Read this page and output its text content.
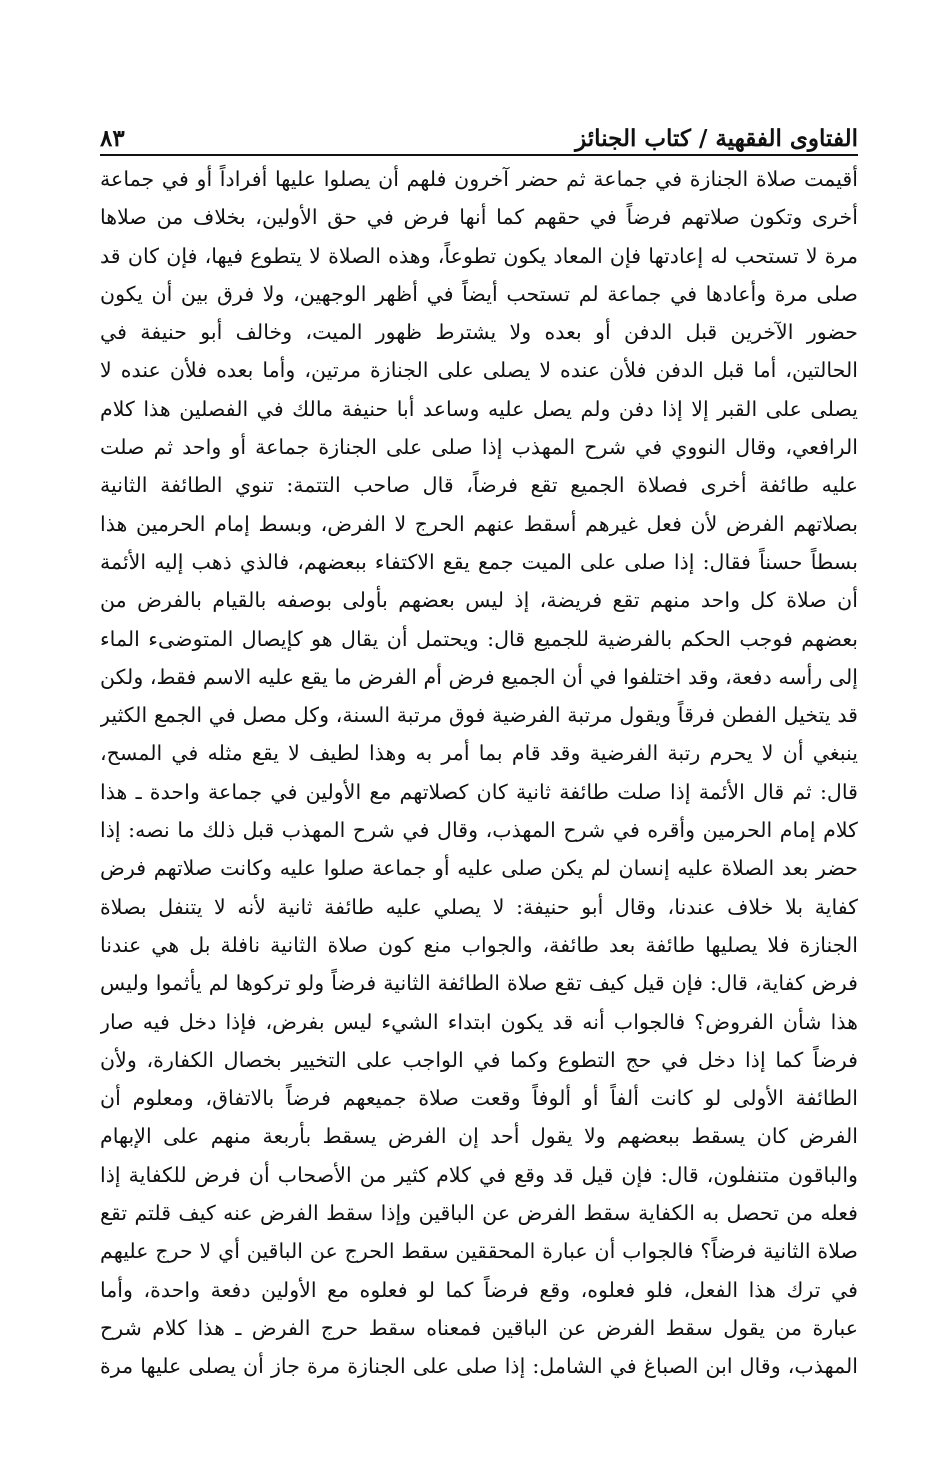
الفتاوى الفقهية / كتاب الجنائز
٨٣
أقيمت صلاة الجنازة في جماعة ثم حضر آخرون فلهم أن يصلوا عليها أفراداً أو في جماعة
أخرى وتكون صلاتهم فرضاً في حقهم كما أنها فرض في حق الأولين، بخلاف من صلاها
مرة لا تستحب له إعادتها فإن المعاد يكون تطوعاً، وهذه الصلاة لا يتطوع فيها، فإن كان قد
صلى مرة وأعادها في جماعة لم تستحب أيضاً في أظهر الوجهين، ولا فرق بين أن يكون
حضور الآخرين قبل الدفن أو بعده ولا يشترط ظهور الميت، وخالف أبو حنيفة في
الحالتين، أما قبل الدفن فلأن عنده لا يصلى على الجنازة مرتين، وأما بعده فلأن عنده لا
يصلى على القبر إلا إذا دفن ولم يصل عليه وساعد أبا حنيفة مالك في الفصلين هذا كلام
الرافعي، وقال النووي في شرح المهذب إذا صلى على الجنازة جماعة أو واحد ثم صلت
عليه طائفة أخرى فصلاة الجميع تقع فرضاً، قال صاحب التتمة: تنوي الطائفة الثانية
بصلاتهم الفرض لأن فعل غيرهم أسقط عنهم الحرج لا الفرض، وبسط إمام الحرمين هذا
بسطاً حسناً فقال: إذا صلى على الميت جمع يقع الاكتفاء ببعضهم، فالذي ذهب إليه الأئمة
أن صلاة كل واحد منهم تقع فريضة، إذ ليس بعضهم بأولى بوصفه بالقيام بالفرض من
بعضهم فوجب الحكم بالفرضية للجميع قال: ويحتمل أن يقال هو كإيصال المتوضىء الماء
إلى رأسه دفعة، وقد اختلفوا في أن الجميع فرض أم الفرض ما يقع عليه الاسم فقط، ولكن
قد يتخيل الفطن فرقاً ويقول مرتبة الفرضية فوق مرتبة السنة، وكل مصل في الجمع الكثير
ينبغي أن لا يحرم رتبة الفرضية وقد قام بما أمر به وهذا لطيف لا يقع مثله في المسح،
قال: ثم قال الأئمة إذا صلت طائفة ثانية كان كصلاتهم مع الأولين في جماعة واحدة ـ هذا
كلام إمام الحرمين وأقره في شرح المهذب، وقال في شرح المهذب قبل ذلك ما نصه: إذا
حضر بعد الصلاة عليه إنسان لم يكن صلى عليه أو جماعة صلوا عليه وكانت صلاتهم فرض
كفاية بلا خلاف عندنا، وقال أبو حنيفة: لا يصلي عليه طائفة ثانية لأنه لا يتنفل بصلاة
الجنازة فلا يصليها طائفة بعد طائفة، والجواب منع كون صلاة الثانية نافلة بل هي عندنا
فرض كفاية، قال: فإن قيل كيف تقع صلاة الطائفة الثانية فرضاً ولو تركوها لم يأثموا وليس
هذا شأن الفروض؟ فالجواب أنه قد يكون ابتداء الشيء ليس بفرض، فإذا دخل فيه صار
فرضاً كما إذا دخل في حج التطوع وكما في الواجب على التخيير بخصال الكفارة، ولأن
الطائفة الأولى لو كانت ألفاً أو ألوفاً وقعت صلاة جميعهم فرضاً بالاتفاق، ومعلوم أن
الفرض كان يسقط ببعضهم ولا يقول أحد إن الفرض يسقط بأربعة منهم على الإبهام
والباقون متنفلون، قال: فإن قيل قد وقع في كلام كثير من الأصحاب أن فرض للكفاية إذا
فعله من تحصل به الكفاية سقط الفرض عن الباقين وإذا سقط الفرض عنه كيف قلتم تقع
صلاة الثانية فرضاً؟ فالجواب أن عبارة المحققين سقط الحرج عن الباقين أي لا حرج عليهم
في ترك هذا الفعل، فلو فعلوه، وقع فرضاً كما لو فعلوه مع الأولين دفعة واحدة، وأما
عبارة من يقول سقط الفرض عن الباقين فمعناه سقط حرج الفرض ـ هذا كلام شرح
المهذب، وقال ابن الصباغ في الشامل: إذا صلى على الجنازة مرة جاز أن يصلى عليها مرة
